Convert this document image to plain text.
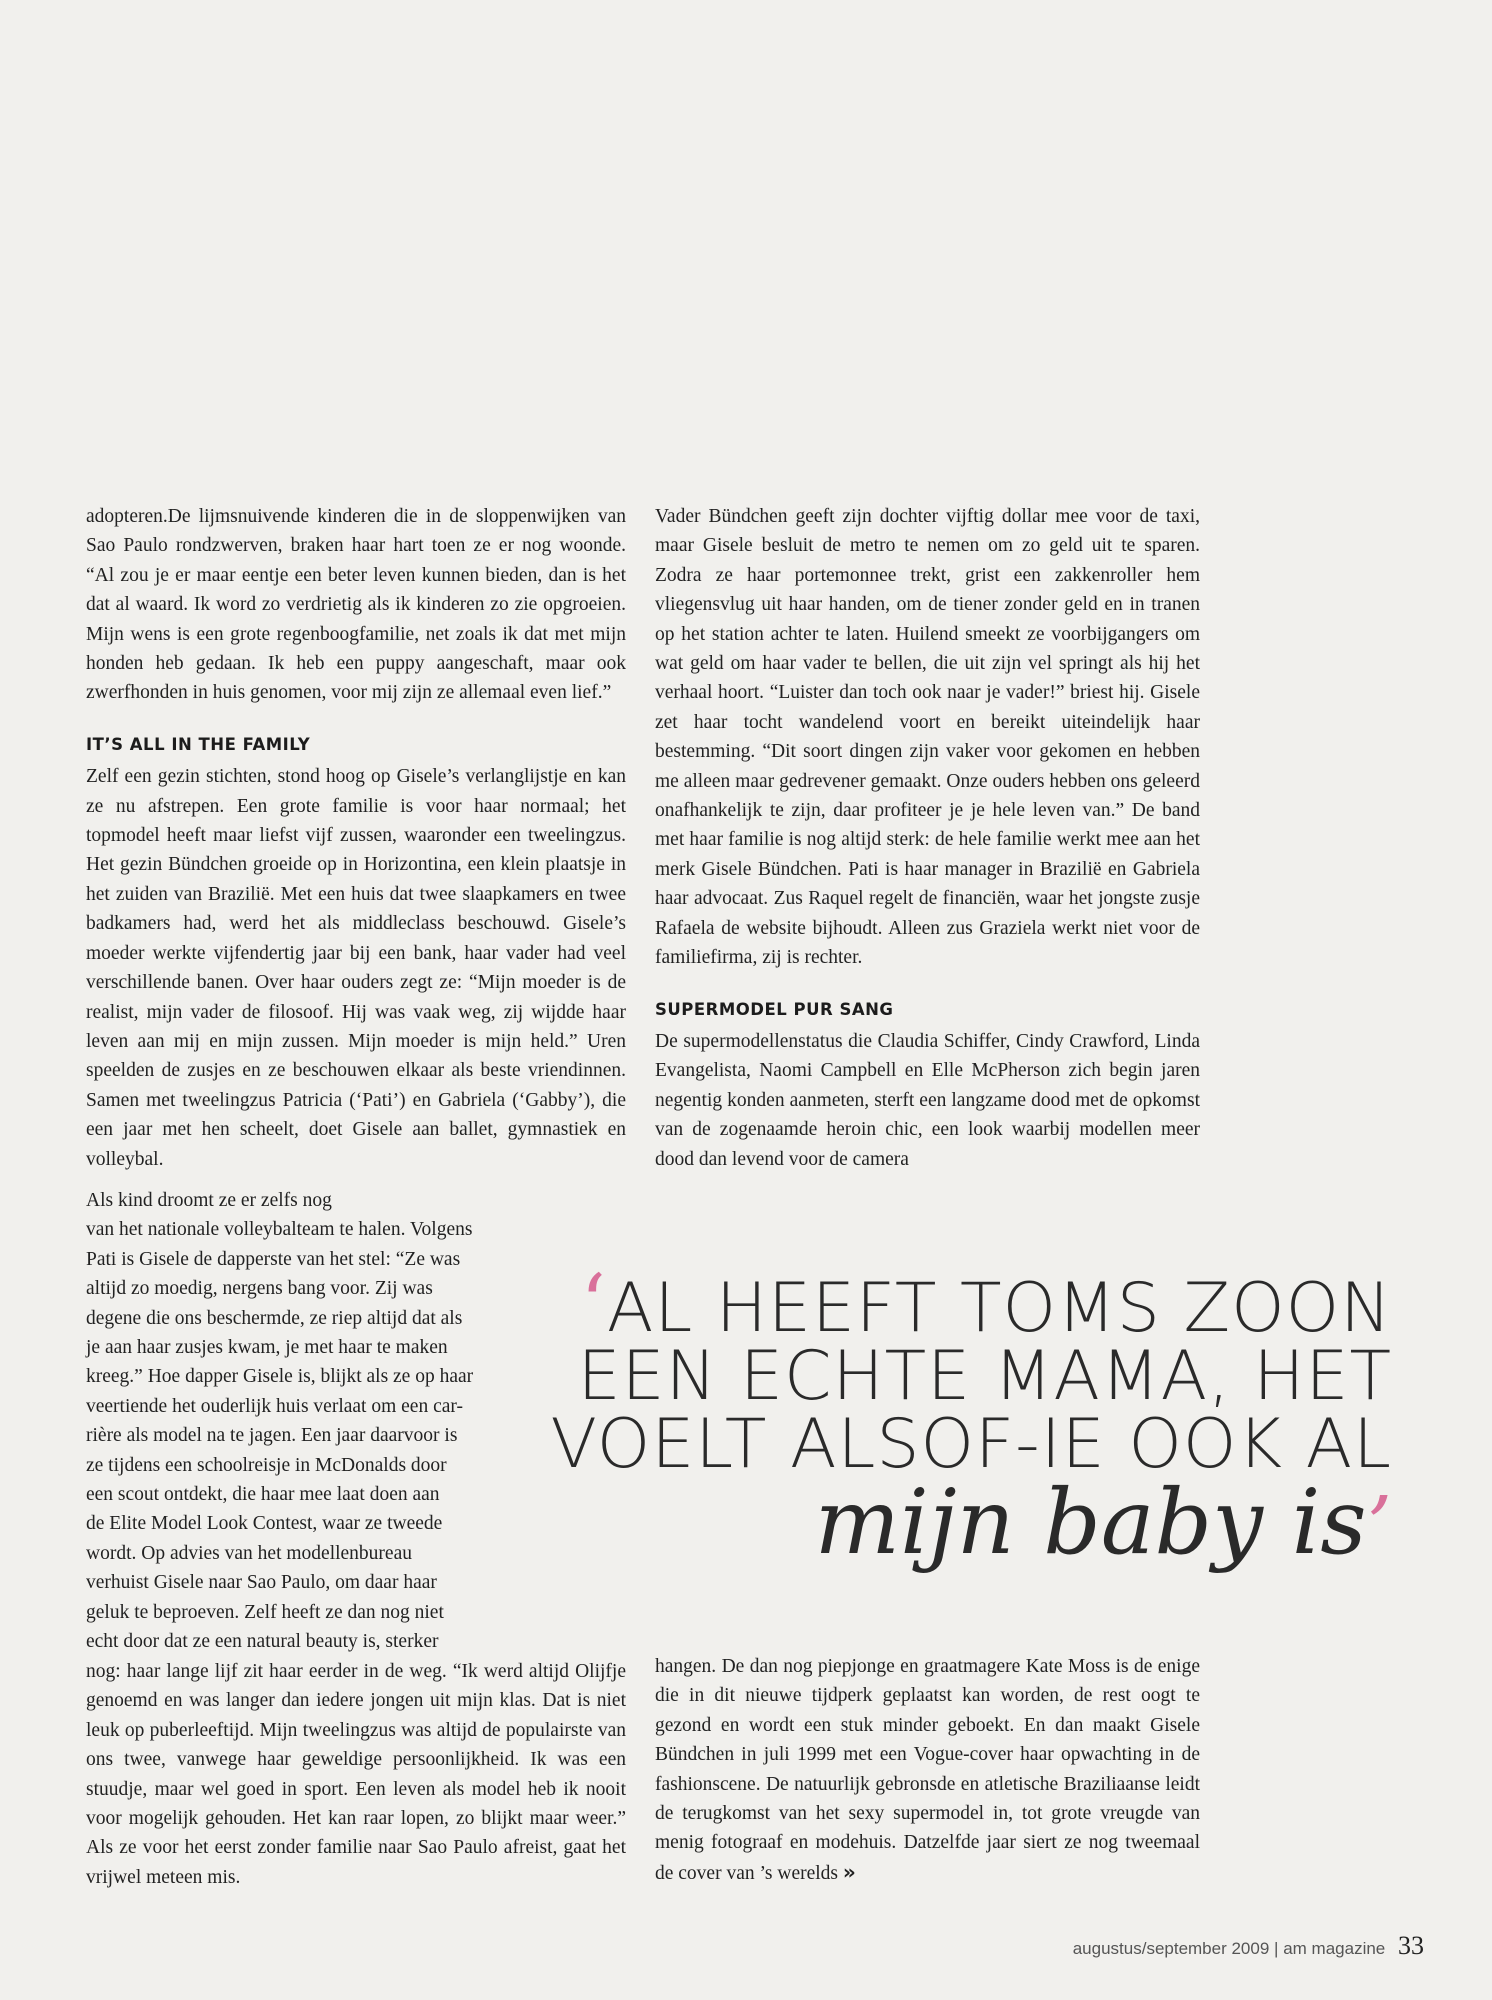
adopteren.De lijmsnuivende kinderen die in de sloppenwijken van Sao Paulo rondzwerven, braken haar hart toen ze er nog woonde. “Al zou je er maar eentje een beter leven kunnen bieden, dan is het dat al waard. Ik word zo verdrietig als ik kinderen zo zie opgroeien. Mijn wens is een grote regenboogfamilie, net zoals ik dat met mijn honden heb gedaan. Ik heb een puppy aangeschaft, maar ook zwerfhonden in huis genomen, voor mij zijn ze allemaal even lief.”

IT’S ALL IN THE FAMILY

Zelf een gezin stichten, stond hoog op Gisele’s verlanglijstje en kan ze nu afstrepen. Een grote familie is voor haar normaal; het topmodel heeft maar liefst vijf zussen, waaronder een tweelingzus. Het gezin Bündchen groeide op in Horizontina, een klein plaatsje in het zuiden van Brazilië. Met een huis dat twee slaapkamers en twee badkamers had, werd het als middleclass beschouwd. Gisele’s moeder werkte vijfendertig jaar bij een bank, haar vader had veel verschillende banen. Over haar ouders zegt ze: “Mijn moeder is de realist, mijn vader de filosoof. Hij was vaak weg, zij wijdde haar leven aan mij en mijn zussen. Mijn moeder is mijn held.” Uren speelden de zusjes en ze beschouwen elkaar als beste vriendinnen. Samen met tweelingzus Patricia (‘Pati’) en Gabriela (‘Gabby’), die een jaar met hen scheelt, doet Gisele aan ballet, gymnastiek en volleybal.

Als kind droomt ze er zelfs nog
van het nationale volleybalteam te halen. Volgens
Pati is Gisele de dapperste van het stel: “Ze was
altijd zo moedig, nergens bang voor. Zij was
degene die ons beschermde, ze riep altijd dat als
je aan haar zusjes kwam, je met haar te maken
kreeg.” Hoe dapper Gisele is, blijkt als ze op haar
veertiende het ouderlijk huis verlaat om een car-
rière als model na te jagen. Een jaar daarvoor is
ze tijdens een schoolreisje in McDonalds door
een scout ontdekt, die haar mee laat doen aan
de Elite Model Look Contest, waar ze tweede
wordt. Op advies van het modellenbureau
verhuist Gisele naar Sao Paulo, om daar haar
geluk te beproeven. Zelf heeft ze dan nog niet
echt door dat ze een natural beauty is, sterker

nog: haar lange lijf zit haar eerder in de weg. “Ik werd altijd Olijfje genoemd en was langer dan iedere jongen uit mijn klas. Dat is niet leuk op puberleeftijd. Mijn tweelingzus was altijd de populairste van ons twee, vanwege haar geweldige persoonlijkheid. Ik was een stuudje, maar wel goed in sport. Een leven als model heb ik nooit voor mogelijk gehouden. Het kan raar lopen, zo blijkt maar weer.” Als ze voor het eerst zonder familie naar Sao Paulo afreist, gaat het vrijwel meteen mis.

Vader Bündchen geeft zijn dochter vijftig dollar mee voor de taxi, maar Gisele besluit de metro te nemen om zo geld uit te sparen. Zodra ze haar portemonnee trekt, grist een zakkenroller hem vliegensvlug uit haar handen, om de tiener zonder geld en in tranen op het station achter te laten. Huilend smeekt ze voorbijgangers om wat geld om haar vader te bellen, die uit zijn vel springt als hij het verhaal hoort. “Luister dan toch ook naar je vader!” briest hij. Gisele zet haar tocht wandelend voort en bereikt uiteindelijk haar bestemming. “Dit soort dingen zijn vaker voor gekomen en hebben me alleen maar gedrevener gemaakt. Onze ouders hebben ons geleerd onafhankelijk te zijn, daar profiteer je je hele leven van.” De band met haar familie is nog altijd sterk: de hele familie werkt mee aan het merk Gisele Bündchen. Pati is haar manager in Brazilië en Gabriela haar advocaat. Zus Raquel regelt de financiën, waar het jongste zusje Rafaela de website bijhoudt. Alleen zus Graziela werkt niet voor de familiefirma, zij is rechter.

SUPERMODEL PUR SANG

De supermodellenstatus die Claudia Schiffer, Cindy Crawford, Linda Evangelista, Naomi Campbell en Elle McPherson zich begin jaren negentig konden aanmeten, sterft een langzame dood met de opkomst van de zogenaamde heroin chic, een look waarbij modellen meer dood dan levend voor de camera

‘AL HEEFT TOMS ZOON
EEN ECHTE MAMA, HET
VOELT ALSOF-IE OOK AL
mijn baby is’

hangen. De dan nog piepjonge en graatmagere Kate Moss is de enige die in dit nieuwe tijdperk geplaatst kan worden, de rest oogt te gezond en wordt een stuk minder geboekt. En dan maakt Gisele Bündchen in juli 1999 met een Vogue-cover haar opwachting in de fashionscene. De natuurlijk gebronsde en atletische Braziliaanse leidt de terugkomst van het sexy supermodel in, tot grote vreugde van menig fotograaf en modehuis. Datzelfde jaar siert ze nog tweemaal de cover van ’s werelds »

augustus/september 2009 | am magazine 33
